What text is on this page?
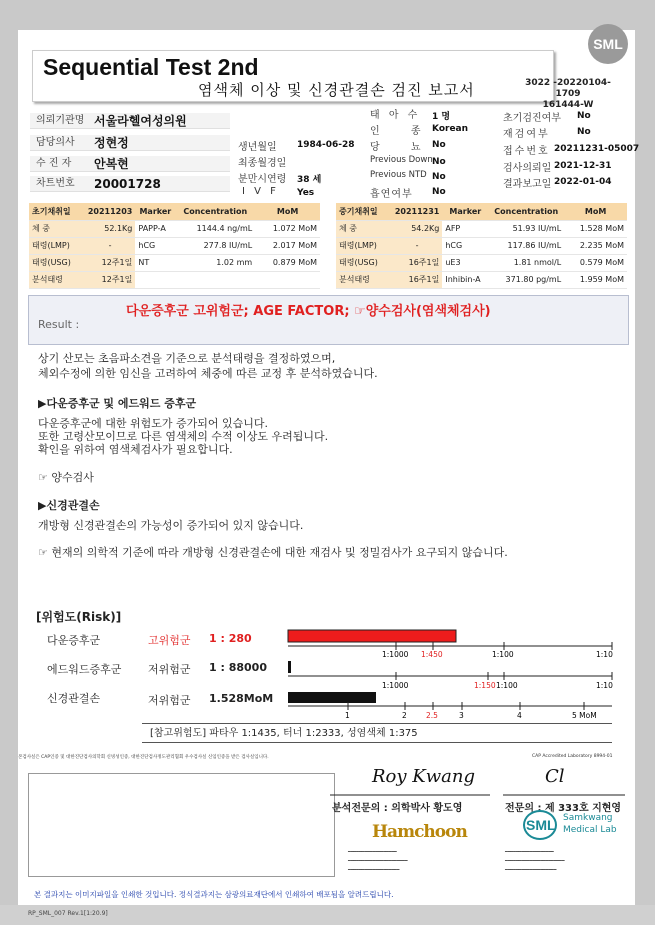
SML
Sequential Test 2nd
염색체 이상 및 신경관결손 검진 보고서	3022 -20220104-1709
161444-W
의뢰기관명 서울라헬여성의원
담당의사 정현정
수 진 자 안복현
차트번호 20001728
생년월일 1984-06-28
최종월경일
분만시연령 38 세
I V F Yes
태 아 수 1 명
인 종
Korean
당 뇨
No
Previous Down No
Previous NTD No
흡연여부 No
초기검진여부 No
재검여부	No
접수번호 20211231-05007
검사의뢰일 2021-12-31
결과보고일 2022-01-04
초기채취일	20211203	Marker	Concentration	MoM
체 중	52.1Kg	PAPP-A	1144.4 ng/mL	1.072 MoM
태령(LMP)	-	hCG	277.8 IU/mL	2.017 MoM
태령(USG)	12주1일	NT	1.02 mm	0.879 MoM
분석태령	12주1일			
중기채취일	20211231	Marker	Concentration	MoM
체 중	54.2Kg	AFP	51.93 IU/mL	1.528 MoM
태령(LMP)	-	hCG	117.86 IU/mL	2.235 MoM
태령(USG)	16주1일	uE3	1.81 nmol/L	0.579 MoM
분석태령	16주1일	Inhibin-A	371.80 pg/mL	1.959 MoM
Result :
다운증후군 고위험군; AGE FACTOR; ☞양수검사(염색체검사)
상기 산모는 초음파소견을 기준으로 분석태령을 결정하였으며,
체외수정에 의한 임신을 고려하여 체중에 따른 교정 후 분석하였습니다.
▶다운증후군 및 에드워드 증후군
다운증후군에 대한 위험도가 증가되어 있습니다.
또한 고령산모이므로 다른 염색체의 수적 이상도 우려됩니다.
확인을 위하여 염색체검사가 필요합니다.
☞ 양수검사
▶신경관결손
개방형 신경관결손의 가능성이 증가되어 있지 않습니다.
☞ 현재의 의학적 기준에 따라 개방형 신경관결손에 대한 재검사 및 정밀검사가 요구되지 않습니다.
[위험도(Risk)]
다운증후군	고위험군 1 : 280
에드워드증후군 저위험군 1 : 88000
신경관결손	저위험군 1.528MoM
1:1000 1:450	1:100	1:10
1:1000	1:150 1:100	1:10
1	2	2.5	3	4	5 MoM
[참고위험도] 파타우 1:1435, 터너 1:2333, 성염색체 1:375
본검사실은 CAP인증 및 대한진단검사의학회 신빙성인증, 대한진단검사정도관리협회 우수검사실 신임인증을 받은 검사실입니다.	CAP Accredited Laboratory 8994-01
Roy Kwang	Cl
분석전문의 : 의학박사 황도영	전문의 : 제 333호 지현영
Hamchoon	SML Samkwang
Medical Lab
━━━━━━━━━━━━━━━━━━
━━━━━━━━━━━━━━━━━━━━━━
━━━━━━━━━━━━━━━━━━━
━━━━━━━━━━━━━━━━━━
━━━━━━━━━━━━━━━━━━━━━━
━━━━━━━━━━━━━━━━━━━
본 결과지는 이미지파일을 인쇄한 것입니다. 정식결과지는 삼광의료재단에서 인쇄하여 배포됨을 알려드립니다.
RP_SML_007 Rev.1[1:20.9]
